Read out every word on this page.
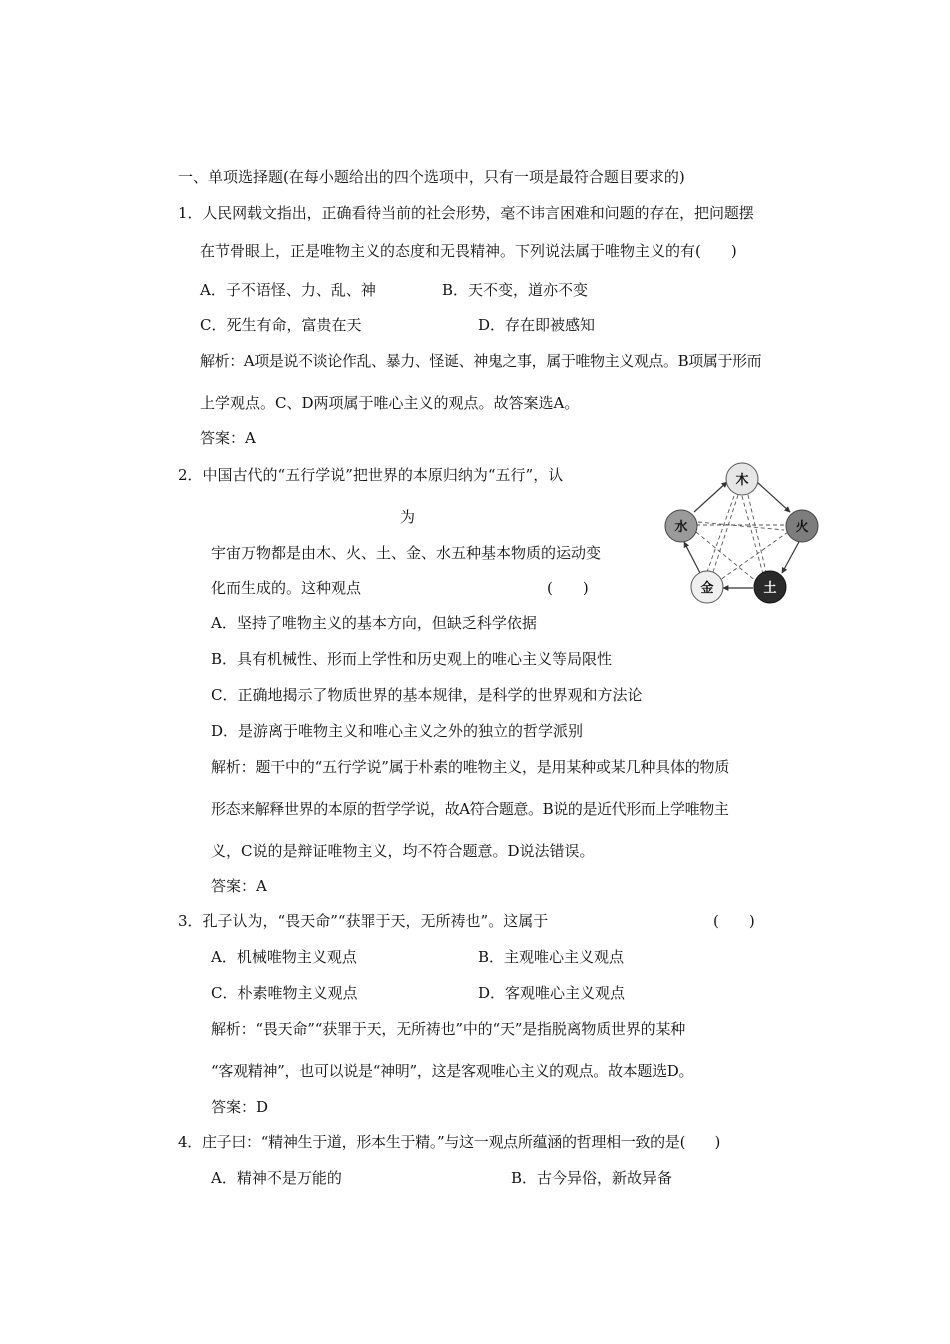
一、单项选择题(在每小题给出的四个选项中，只有一项是最符合题目要求的)
1．人民网载文指出，正确看待当前的社会形势，毫不讳言困难和问题的存在，把问题摆
在节骨眼上，正是唯物主义的态度和无畏精神。下列说法属于唯物主义的有(　　)
A．子不语怪、力、乱、神	B．天不变，道亦不变
C．死生有命，富贵在天	D．存在即被感知
解析：A项是说不谈论作乱、暴力、怪诞、神鬼之事，属于唯物主义观点。B项属于形而
上学观点。C、D两项属于唯心主义的观点。故答案选A。
答案：A
2．中国古代的“五行学说”把世界的本原归纳为“五行”，认
为
宇宙万物都是由木、火、土、金、水五种基本物质的运动变
化而生成的。这种观点	(　　)
木
火
土
金
水
A．坚持了唯物主义的基本方向，但缺乏科学依据
B．具有机械性、形而上学性和历史观上的唯心主义等局限性
C．正确地揭示了物质世界的基本规律，是科学的世界观和方法论
D．是游离于唯物主义和唯心主义之外的独立的哲学派别
解析：题干中的“五行学说”属于朴素的唯物主义，是用某种或某几种具体的物质
形态来解释世界的本原的哲学学说，故A符合题意。B说的是近代形而上学唯物主
义，C说的是辩证唯物主义，均不符合题意。D说法错误。
答案：A
3．孔子认为，“畏天命”“获罪于天，无所祷也”。这属于	(　　)
A．机械唯物主义观点	B．主观唯心主义观点
C．朴素唯物主义观点	D．客观唯心主义观点
解析：“畏天命”“获罪于天，无所祷也”中的“天”是指脱离物质世界的某种
“客观精神”，也可以说是“神明”，这是客观唯心主义的观点。故本题选D。
答案：D
4．庄子曰：“精神生于道，形本生于精。”与这一观点所蕴涵的哲理相一致的是(　　)
A．精神不是万能的	B．古今异俗，新故异备
